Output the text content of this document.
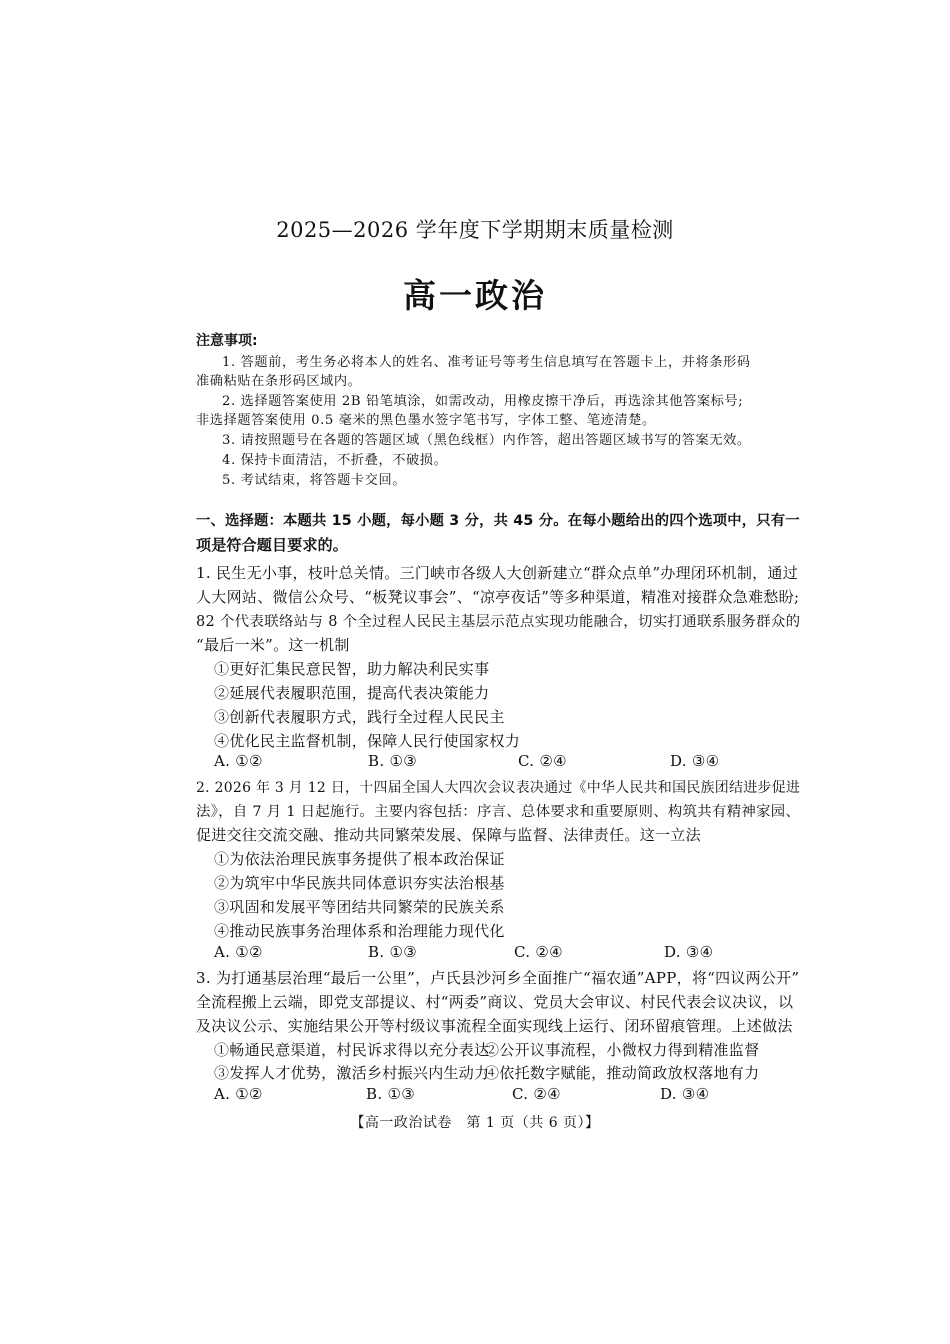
2025—2026 学年度下学期期末质量检测
高一政治
注意事项:
1. 答题前，考生务必将本人的姓名、准考证号等考生信息填写在答题卡上，并将条形码
准确粘贴在条形码区域内。
2. 选择题答案使用 2B 铅笔填涂，如需改动，用橡皮擦干净后，再选涂其他答案标号;
非选择题答案使用 0.5 毫米的黑色墨水签字笔书写，字体工整、笔迹清楚。
3. 请按照题号在各题的答题区域（黑色线框）内作答，超出答题区域书写的答案无效。
4. 保持卡面清洁，不折叠，不破损。
5. 考试结束，将答题卡交回。
一、选择题：本题共 15 小题，每小题 3 分，共 45 分。在每小题给出的四个选项中，只有一
项是符合题目要求的。
1. 民生无小事，枝叶总关情。三门峡市各级人大创新建立“群众点单”办理闭环机制，通过
人大网站、微信公众号、“板凳议事会”、“凉亭夜话”等多种渠道，精准对接群众急难愁盼;
82 个代表联络站与 8 个全过程人民民主基层示范点实现功能融合，切实打通联系服务群众的
“最后一米”。这一机制
①更好汇集民意民智，助力解决利民实事
②延展代表履职范围，提高代表决策能力
③创新代表履职方式，践行全过程人民民主
④优化民主监督机制，保障人民行使国家权力
A. ①②	B. ①③	C. ②④	D. ③④
2. 2026 年 3 月 12 日，十四届全国人大四次会议表决通过《中华人民共和国民族团结进步促进
法》，自 7 月 1 日起施行。主要内容包括：序言、总体要求和重要原则、构筑共有精神家园、
促进交往交流交融、推动共同繁荣发展、保障与监督、法律责任。这一立法
①为依法治理民族事务提供了根本政治保证
②为筑牢中华民族共同体意识夯实法治根基
③巩固和发展平等团结共同繁荣的民族关系
④推动民族事务治理体系和治理能力现代化
A. ①②	B. ①③	C. ②④	D. ③④
3. 为打通基层治理“最后一公里”，卢氏县沙河乡全面推广“福农通”APP，将“四议两公开”
全流程搬上云端，即党支部提议、村“两委”商议、党员大会审议、村民代表会议决议，以
及决议公示、实施结果公开等村级议事流程全面实现线上运行、闭环留痕管理。上述做法
①畅通民意渠道，村民诉求得以充分表达
②公开议事流程，小微权力得到精准监督
③发挥人才优势，激活乡村振兴内生动力
④依托数字赋能，推动简政放权落地有力
A. ①②	B. ①③	C. ②④	D. ③④
【高一政治试卷　第 1 页（共 6 页）】
